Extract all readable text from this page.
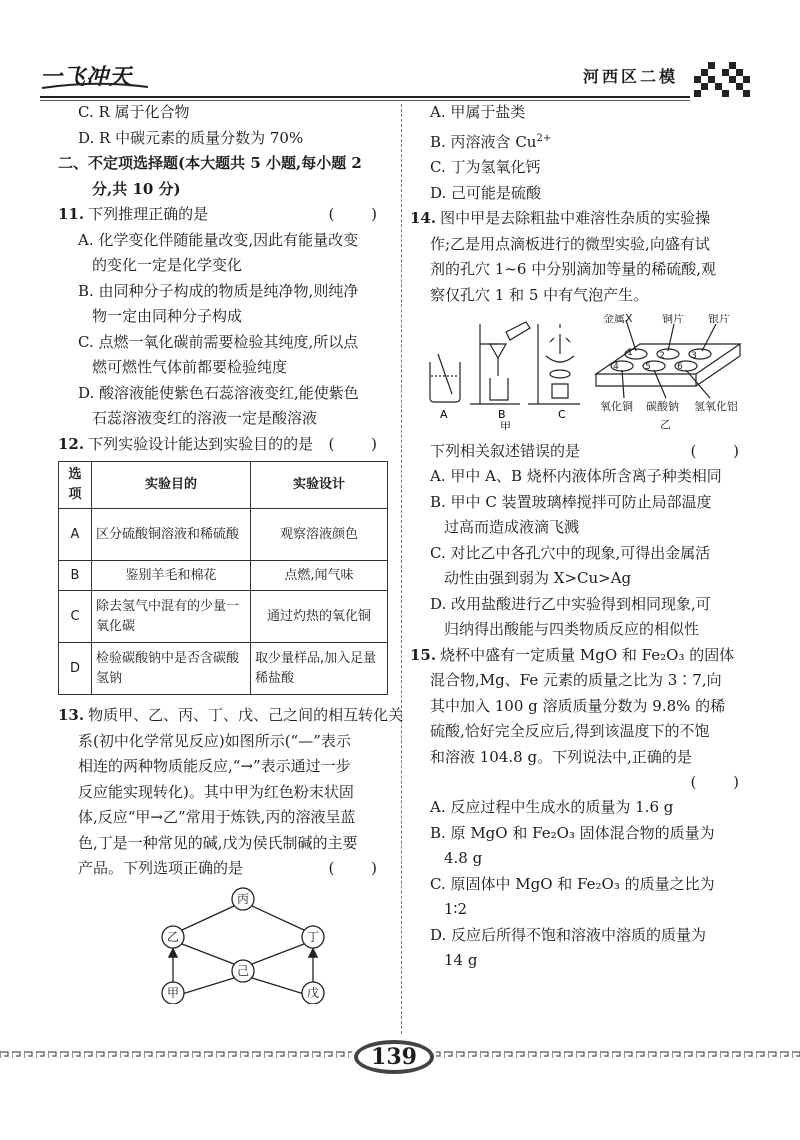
一飞冲天	河西区二模
C. R 属于化合物
D. R 中碳元素的质量分数为 70%
二、不定项选择题(本大题共 5 小题,每小题 2
分,共 10 分)
11. 下列推理正确的是	( )
A. 化学变化伴随能量改变,因此有能量改变
的变化一定是化学变化
B. 由同种分子构成的物质是纯净物,则纯净
物一定由同种分子构成
C. 点燃一氧化碳前需要检验其纯度,所以点
燃可燃性气体前都要检验纯度
D. 酸溶液能使紫色石蕊溶液变红,能使紫色
石蕊溶液变红的溶液一定是酸溶液
12. 下列实验设计能达到实验目的的是 ( )
选项	实验目的	实验设计
A	区分硫酸铜溶液和稀硫酸	观察溶液颜色
B	鉴别羊毛和棉花	点燃,闻气味
C	除去氢气中混有的少量一氧化碳	通过灼热的氧化铜
D	检验碳酸钠中是否含碳酸氢钠	取少量样品,加入足量稀盐酸
13. 物质甲、乙、丙、丁、戊、己之间的相互转化关
系(初中化学常见反应)如图所示(“—”表示
相连的两种物质能反应,“→”表示通过一步
反应能实现转化)。其中甲为红色粉末状固
体,反应“甲→乙”常用于炼铁,丙的溶液呈蓝
色,丁是一种常见的碱,戊为侯氏制碱的主要
产品。下列选项正确的是	( )
丙
乙	丁
己
甲	戊
A. 甲属于盐类
B. 丙溶液含 $Cu^{2+}$
C. 丁为氢氧化钙
D. 己可能是硫酸
14. 图中甲是去除粗盐中难溶性杂质的实验操
作;乙是用点滴板进行的微型实验,向盛有试
剂的孔穴 1~6 中分别滴加等量的稀硫酸,观
察仅孔穴 1 和 5 中有气泡产生。
A	B	C
甲
1	2	3
4	5	6
金属X	铜片 银片
氧化铜 碳酸钠 氢氧化铝
乙
下列相关叙述错误的是	( )
A. 甲中 A、B 烧杯内液体所含离子种类相同
B. 甲中 C 装置玻璃棒搅拌可防止局部温度
过高而造成液滴飞溅
C. 对比乙中各孔穴中的现象,可得出金属活
动性由强到弱为 X>Cu>Ag
D. 改用盐酸进行乙中实验得到相同现象,可
归纳得出酸能与四类物质反应的相似性
15. 烧杯中盛有一定质量 MgO 和 Fe₂O₃ 的固体
混合物,Mg、Fe 元素的质量之比为 3∶7,向
其中加入 100 g 溶质质量分数为 9.8% 的稀
硫酸,恰好完全反应后,得到该温度下的不饱
和溶液 104.8 g。下列说法中,正确的是
( )
A. 反应过程中生成水的质量为 1.6 g
B. 原 MgO 和 Fe₂O₃ 固体混合物的质量为
4.8 g
C. 原固体中 MgO 和 Fe₂O₃ 的质量之比为
1∶2
D. 反应后所得不饱和溶液中溶质的质量为
14 g
139
